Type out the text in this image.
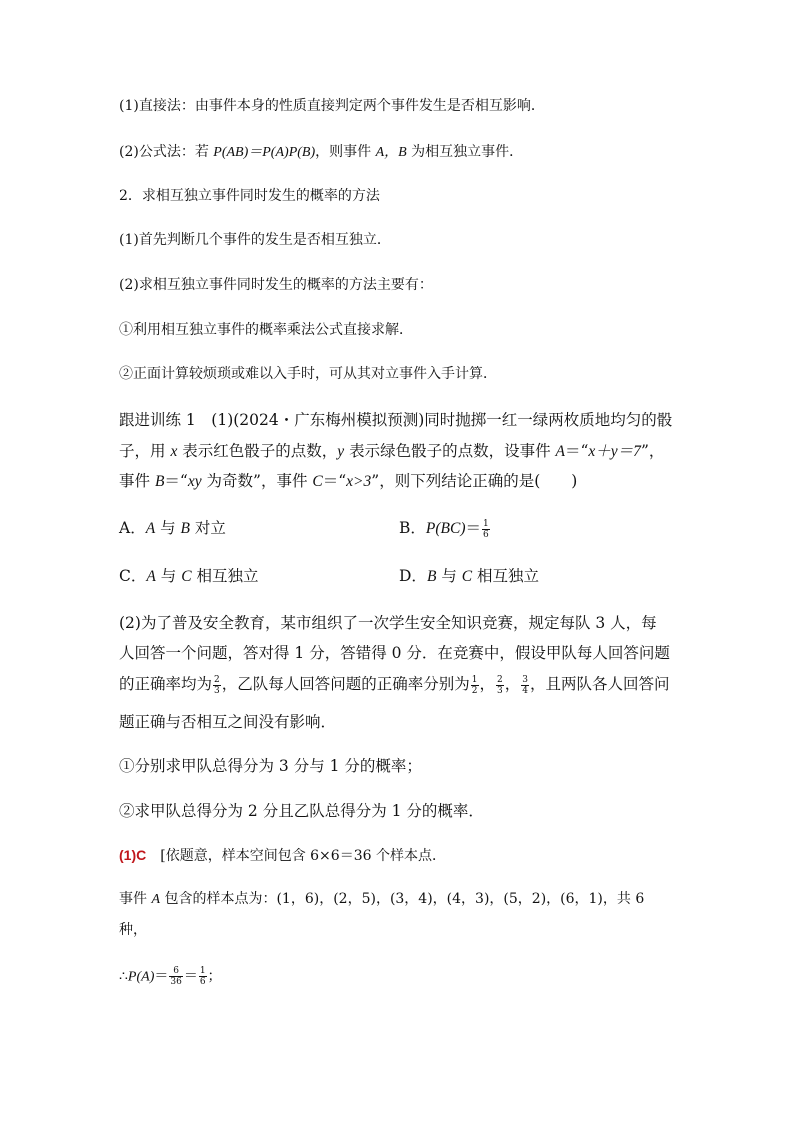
(1)直接法：由事件本身的性质直接判定两个事件发生是否相互影响．
(2)公式法：若 P(AB)＝P(A)P(B)，则事件 A，B 为相互独立事件．
2．求相互独立事件同时发生的概率的方法
(1)首先判断几个事件的发生是否相互独立．
(2)求相互独立事件同时发生的概率的方法主要有：
①利用相互独立事件的概率乘法公式直接求解．
②正面计算较烦琐或难以入手时，可从其对立事件入手计算．
跟进训练 1　(1)(2024・广东梅州模拟预测)同时抛掷一红一绿两枚质地均匀的骰
子，用 x 表示红色骰子的点数，y 表示绿色骰子的点数，设事件 A＝“x＋y＝7”，
事件 B＝“xy 为奇数”，事件 C＝“x>3”，则下列结论正确的是(　　)
A．A 与 B 对立	B．$P(BC)= \frac{1}{6}$
C．A 与 C 相互独立	D．B 与 C 相互独立
(2)为了普及安全教育，某市组织了一次学生安全知识竞赛，规定每队 3 人，每
人回答一个问题，答对得 1 分，答错得 0 分．在竞赛中，假设甲队每人回答问题
的正确率均为 $\frac{2}{3}$ ，乙队每人回答问题的正确率分别为 $\frac{1}{2}$ ， $\frac{2}{3}$ ， $\frac{3}{4}$ ，且两队各人回答问
题正确与否相互之间没有影响．
①分别求甲队总得分为 3 分与 1 分的概率；
②求甲队总得分为 2 分且乙队总得分为 1 分的概率．
(1)C　[依题意，样本空间包含 6×6＝36 个样本点．
事件 A 包含的样本点为：(1，6)，(2，5)，(3，4)，(4，3)，(5，2)，(6，1)，共 6
种，
∴P(A)＝ $\frac{6}{36} = \frac{1}{6}$ ；
